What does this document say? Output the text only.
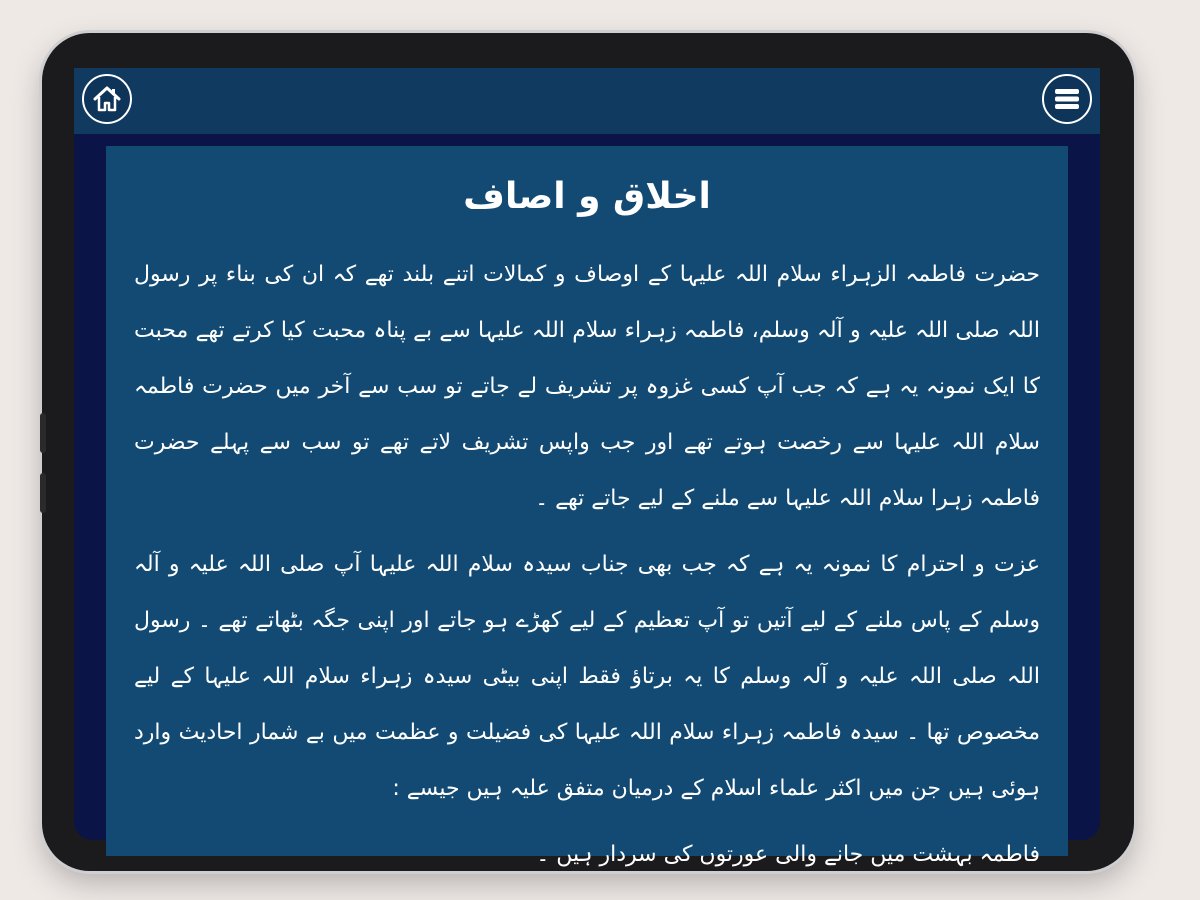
اخلاق و اصاف

حضرت فاطمہ الزہراء سلام اللہ علیہا کے اوصاف و کمالات اتنے بلند تھے کہ ان کی بناء پر رسول اللہ صلی اللہ علیہ و آلہ وسلم، فاطمہ زہراء سلام اللہ علیہا سے بے پناہ محبت کیا کرتے تھے محبت کا ایک نمونہ یہ ہے کہ جب آپ کسی غزوہ پر تشریف لے جاتے تو سب سے آخر میں حضرت فاطمہ سلام اللہ علیہا سے رخصت ہوتے تھے اور جب واپس تشریف لاتے تھے تو سب سے پہلے حضرت فاطمہ زہرا سلام اللہ علیہا سے ملنے کے لیے جاتے تھے ۔

عزت و احترام کا نمونہ یہ ہے کہ جب بھی جناب سیدہ سلام اللہ علیہا آپ صلی اللہ علیہ و آلہ وسلم کے پاس ملنے کے لیے آتیں تو آپ تعظیم کے لیے کھڑے ہو جاتے اور اپنی جگہ بٹھاتے تھے ۔ رسول اللہ صلی اللہ علیہ و آلہ وسلم کا یہ برتاؤ فقط اپنی بیٹی سیدہ زہراء سلام اللہ علیہا کے لیے مخصوص تھا ۔ سیدہ فاطمہ زہراء سلام اللہ علیہا کی فضیلت و عظمت میں بے شمار احادیث وارد ہوئی ہیں جن میں اکثر علماء اسلام کے درمیان متفق علیہ ہیں جیسے :

فاطمہ بہشت میں جانے والی عورتوں کی سردار ہیں ۔
